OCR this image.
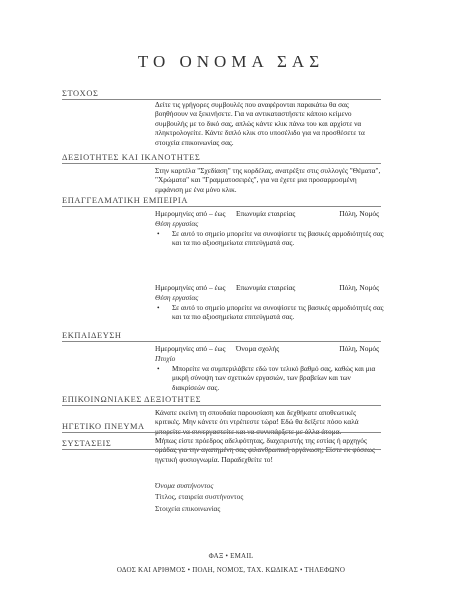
ΤΟ ΟΝΟΜΑ ΣΑΣ
ΣΤΟΧΟΣ
Δείτε τις γρήγορες συμβουλές που αναφέρονται παρακάτω θα σας βοηθήσουν να ξεκινήσετε. Για να αντικαταστήσετε κάποιο κείμενο συμβουλής με το δικό σας, απλώς κάντε κλικ πάνω του και αρχίστε να πληκτρολογείτε. Κάντε διπλό κλικ στο υποσέλιδο για να προσθέσετε τα στοιχεία επικοινωνίας σας.
ΔΕΞΙΟΤΗΤΕΣ ΚΑΙ ΙΚΑΝΟΤΗΤΕΣ
Στην καρτέλα "Σχεδίαση" της κορδέλας, ανατρέξτε στις συλλογές "Θέματα", "Χρώματα" και "Γραμματοσειρές", για να έχετε μια προσαρμοσμένη εμφάνιση με ένα μόνο κλικ.
ΕΠΑΓΓΕΛΜΑΤΙΚΗ ΕΜΠΕΙΡΙΑ
Ημερομηνίες από – έως Επωνυμία εταιρείας	Πόλη, Νομός
Θέση εργασίας
• Σε αυτό το σημείο μπορείτε να συνοψίσετε τις βασικές αρμοδιότητές σας και τα πιο αξιοσημείωτα επιτεύγματά σας.
Ημερομηνίες από – έως Επωνυμία εταιρείας	Πόλη, Νομός
Θέση εργασίας
• Σε αυτό το σημείο μπορείτε να συνοψίσετε τις βασικές αρμοδιότητές σας και τα πιο αξιοσημείωτα επιτεύγματά σας.
ΕΚΠΑΙΔΕΥΣΗ
Ημερομηνίες από – έως Όνομα σχολής	Πόλη, Νομός
Πτυχίο
• Μπορείτε να συμπεριλάβετε εδώ τον τελικό βαθμό σας, καθώς και μια μικρή σύνοψη των σχετικών εργασιών, των βραβείων και των διακρίσεών σας.
ΕΠΙΚΟΙΝΩΝΙΑΚΕΣ ΔΕΞΙΟΤΗΤΕΣ
Κάνατε εκείνη τη σπουδαία παρουσίαση και δεχθήκατε αποθεωτικές κριτικές. Μην κάνετε ότι ντρέπεστε τώρα! Εδώ θα δείξετε πόσο καλά μπορείτε να συνεργαστείτε και να συνυπάρξετε με άλλα άτομα.
ΗΓΕΤΙΚΟ ΠΝΕΥΜΑ
Μήπως είστε πρόεδρος αδελφότητας, διαχειριστής της εστίας ή αρχηγός ομάδας για την αγαπημένη σας φιλανθρωπική οργάνωση; Είστε εκ φύσεως ηγετική φυσιογνωμία. Παραδεχθείτε το!
ΣΥΣΤΑΣΕΙΣ
Όνομα συστήνοντος
Τίτλος, εταιρεία συστήνοντος
Στοιχεία επικοινωνίας
ΦΑΞ • EMAIL
ΟΔΟΣ ΚΑΙ ΑΡΙΘΜΟΣ • ΠΟΛΗ, ΝΟΜΟΣ, ΤΑΧ. ΚΩΔΙΚΑΣ • ΤΗΛΕΦΩΝΟ
